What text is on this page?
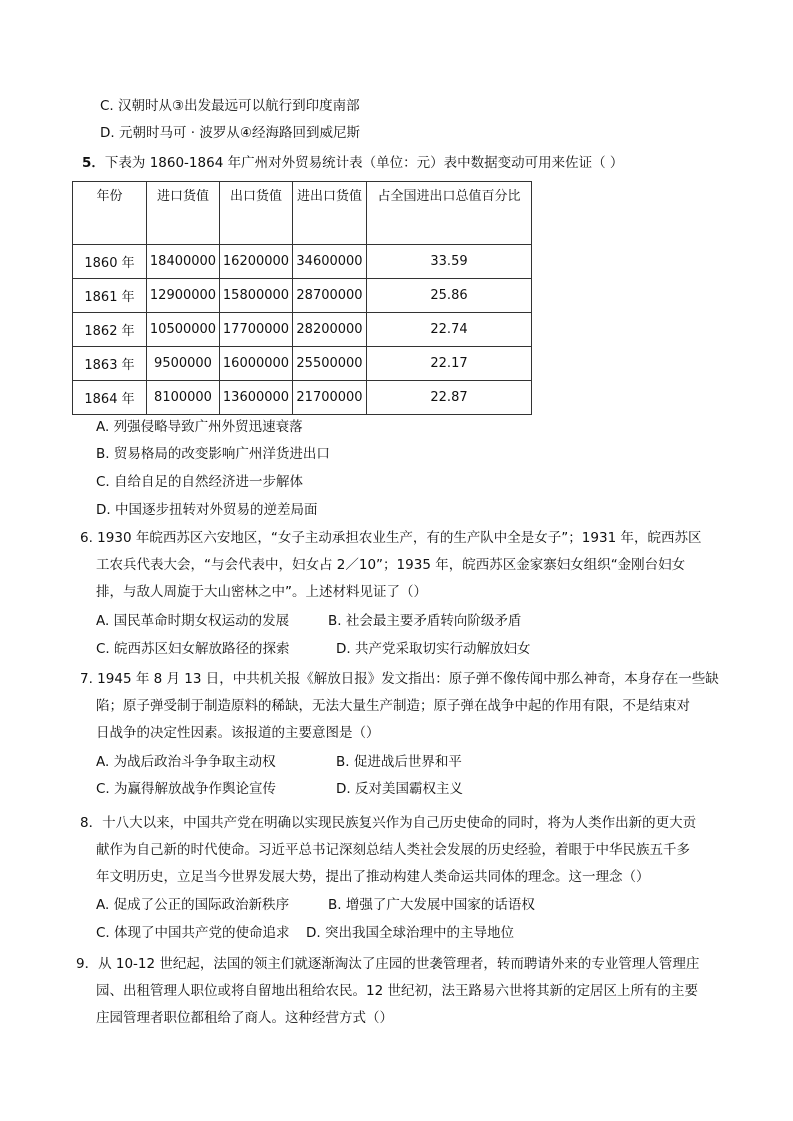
C. 汉朝时从③出发最远可以航行到印度南部
D. 元朝时马可 · 波罗从④经海路回到威尼斯
5．下表为 1860-1864 年广州对外贸易统计表（单位：元）表中数据变动可用来佐证（ ）
年份	进口货值	出口货值	进出口货值	占全国进出口总值百分比
1860 年	18400000	16200000	34600000	33.59
1861 年	12900000	15800000	28700000	25.86
1862 年	10500000	17700000	28200000	22.74
1863 年	9500000	16000000	25500000	22.17
1864 年	8100000	13600000	21700000	22.87
A. 列强侵略导致广州外贸迅速衰落
B. 贸易格局的改变影响广州洋货进出口
C. 自给自足的自然经济进一步解体
D. 中国逐步扭转对外贸易的逆差局面
6. 1930 年皖西苏区六安地区，“女子主动承担农业生产，有的生产队中全是女子”；1931 年，皖西苏区
工农兵代表大会，“与会代表中，妇女占 2／10”；1935 年，皖西苏区金家寨妇女组织“金刚台妇女
排，与敌人周旋于大山密林之中”。上述材料见证了（）
A. 国民革命时期女权运动的发展	B. 社会最主要矛盾转向阶级矛盾
C. 皖西苏区妇女解放路径的探索	D. 共产党采取切实行动解放妇女
7. 1945 年 8 月 13 日，中共机关报《解放日报》发文指出：原子弹不像传闻中那么神奇，本身存在一些缺
陷；原子弹受制于制造原料的稀缺，无法大量生产制造；原子弹在战争中起的作用有限，不是结束对
日战争的决定性因素。该报道的主要意图是（）
A. 为战后政治斗争争取主动权	B. 促进战后世界和平
C. 为赢得解放战争作舆论宣传	D. 反对美国霸权主义
8．十八大以来，中国共产党在明确以实现民族复兴作为自己历史使命的同时，将为人类作出新的更大贡
献作为自己新的时代使命。习近平总书记深刻总结人类社会发展的历史经验，着眼于中华民族五千多
年文明历史，立足当今世界发展大势，提出了推动构建人类命运共同体的理念。这一理念（）
A. 促成了公正的国际政治新秩序	B. 增强了广大发展中国家的话语权
C. 体现了中国共产党的使命追求 D. 突出我国全球治理中的主导地位
9．从 10-12 世纪起，法国的领主们就逐渐淘汰了庄园的世袭管理者，转而聘请外来的专业管理人管理庄
园、出租管理人职位或将自留地出租给农民。12 世纪初，法王路易六世将其新的定居区上所有的主要
庄园管理者职位都租给了商人。这种经营方式（）
